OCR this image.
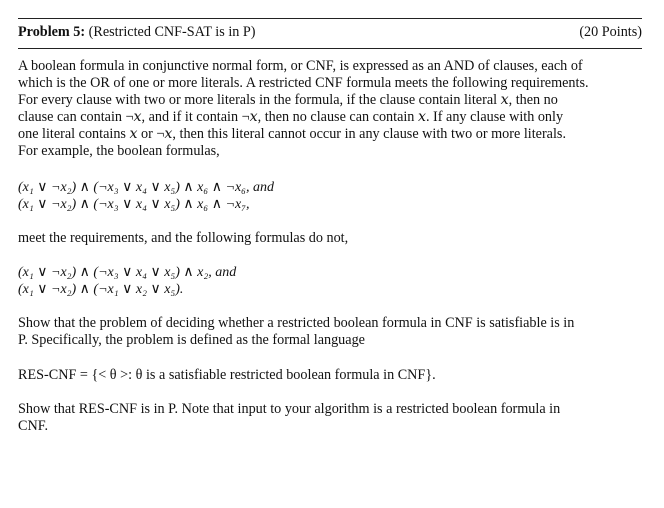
Problem 5: (Restricted CNF-SAT is in P)	(20 Points)
A boolean formula in conjunctive normal form, or CNF, is expressed as an AND of clauses, each of
which is the OR of one or more literals. A restricted CNF formula meets the following requirements.
For every clause with two or more literals in the formula, if the clause contain literal 𝑥, then no
clause can contain ¬𝑥, and if it contain ¬𝑥, then no clause can contain 𝑥. If any clause with only
one literal contains 𝑥 or ¬𝑥, then this literal cannot occur in any clause with two or more literals.
For example, the boolean formulas,
(x₁ ∨ ¬x₂) ∧ (¬x₃ ∨ x₄ ∨ x₅) ∧ x₆ ∧ ¬x₆, and
(x₁ ∨ ¬x₂) ∧ (¬x₃ ∨ x₄ ∨ x₅) ∧ x₆ ∧ ¬x₇,
meet the requirements, and the following formulas do not,
(x₁ ∨ ¬x₂) ∧ (¬x₃ ∨ x₄ ∨ x₅) ∧ x₂, and
(x₁ ∨ ¬x₂) ∧ (¬x₁ ∨ x₂ ∨ x₅).
Show that the problem of deciding whether a restricted boolean formula in CNF is satisfiable is in
P. Specifically, the problem is defined as the formal language
RES-CNF = {< θ >: θ is a satisfiable restricted boolean formula in CNF}.
Show that RES-CNF is in P. Note that input to your algorithm is a restricted boolean formula in
CNF.
